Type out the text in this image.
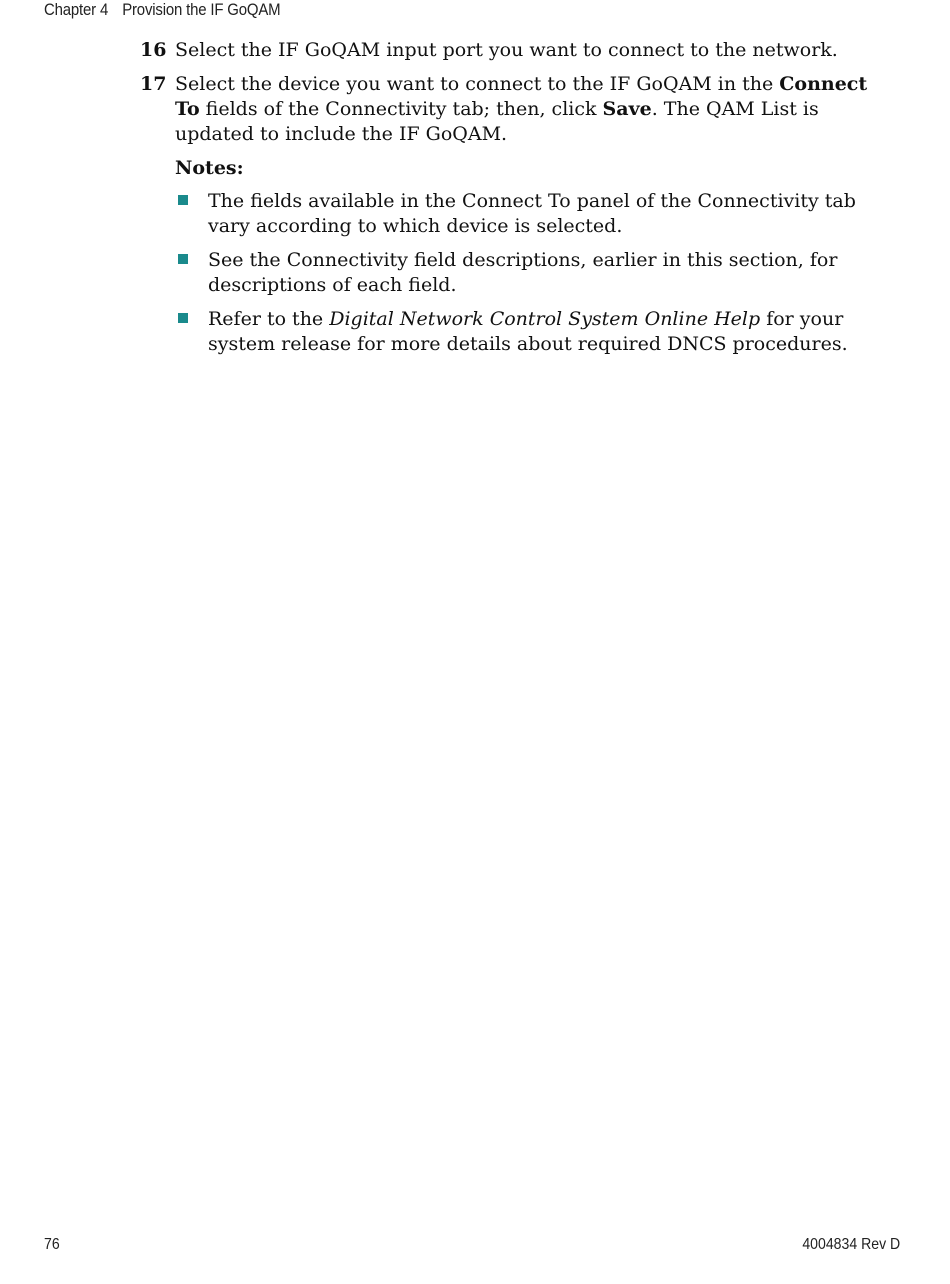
Chapter 4 Provision the IF GoQAM
16 Select the IF GoQAM input port you want to connect to the network.
17 Select the device you want to connect to the IF GoQAM in the Connect To fields of the Connectivity tab; then, click Save. The QAM List is updated to include the IF GoQAM.
Notes:
The fields available in the Connect To panel of the Connectivity tab vary according to which device is selected.
See the Connectivity field descriptions, earlier in this section, for descriptions of each field.
Refer to the Digital Network Control System Online Help for your system release for more details about required DNCS procedures.
76	4004834 Rev D
